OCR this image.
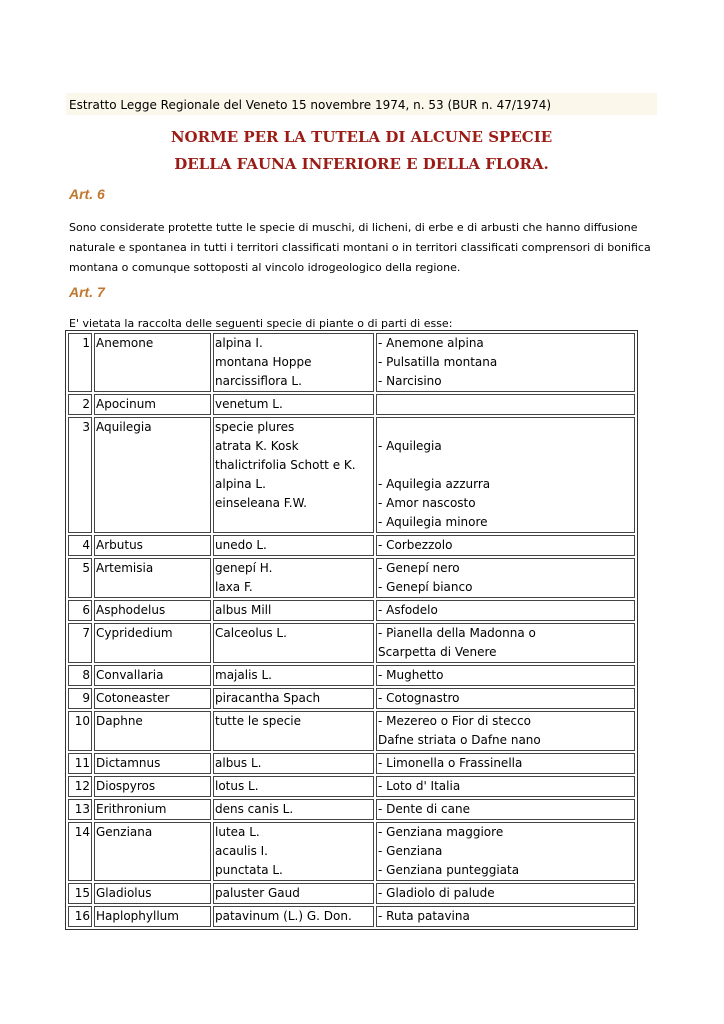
Estratto Legge Regionale del Veneto 15 novembre 1974, n. 53 (BUR n. 47/1974)
NORME PER LA TUTELA DI ALCUNE SPECIE
DELLA FAUNA INFERIORE E DELLA FLORA.
Art. 6
Sono considerate protette tutte le specie di muschi, di licheni, di erbe e di arbusti che hanno diffusione
naturale e spontanea in tutti i territori classificati montani o in territori classificati comprensori di bonifica
montana o comunque sottoposti al vincolo idrogeologico della regione.
Art. 7
E' vietata la raccolta delle seguenti specie di piante o di parti di esse:
1	Anemone	alpina I.
montana Hoppe
narcissiflora L.	- Anemone alpina
- Pulsatilla montana
- Narcisino

2	Apocinum	venetum L.	

3	Aquilegia	specie plures
atrata K. Kosk
thalictrifolia Schott e K.
alpina L.
einseleana F.W.	- Aquilegia
- Aquilegia azzurra
- Amor nascosto
- Aquilegia minore

4	Arbutus	unedo L.	- Corbezzolo

5	Artemisia	genepí H.
laxa F.	- Genepí nero
- Genepí bianco

6	Asphodelus	albus Mill	- Asfodelo

7	Cypridedium	Calceolus L.	- Pianella della Madonna o
Scarpetta di Venere

8	Convallaria	majalis L.	- Mughetto

9	Cotoneaster	piracantha Spach	- Cotognastro

10	Daphne	tutte le specie	- Mezereo o Fior di stecco
Dafne striata o Dafne nano

11	Dictamnus	albus L.	- Limonella o Frassinella

12	Diospyros	lotus L.	- Loto d' Italia

13	Erithronium	dens canis L.	- Dente di cane

14	Genziana	lutea L.
acaulis I.
punctata L.	- Genziana maggiore
- Genziana
- Genziana punteggiata

15	Gladiolus	paluster Gaud	- Gladiolo di palude

16	Haplophyllum	patavinum (L.) G. Don.	- Ruta patavina
